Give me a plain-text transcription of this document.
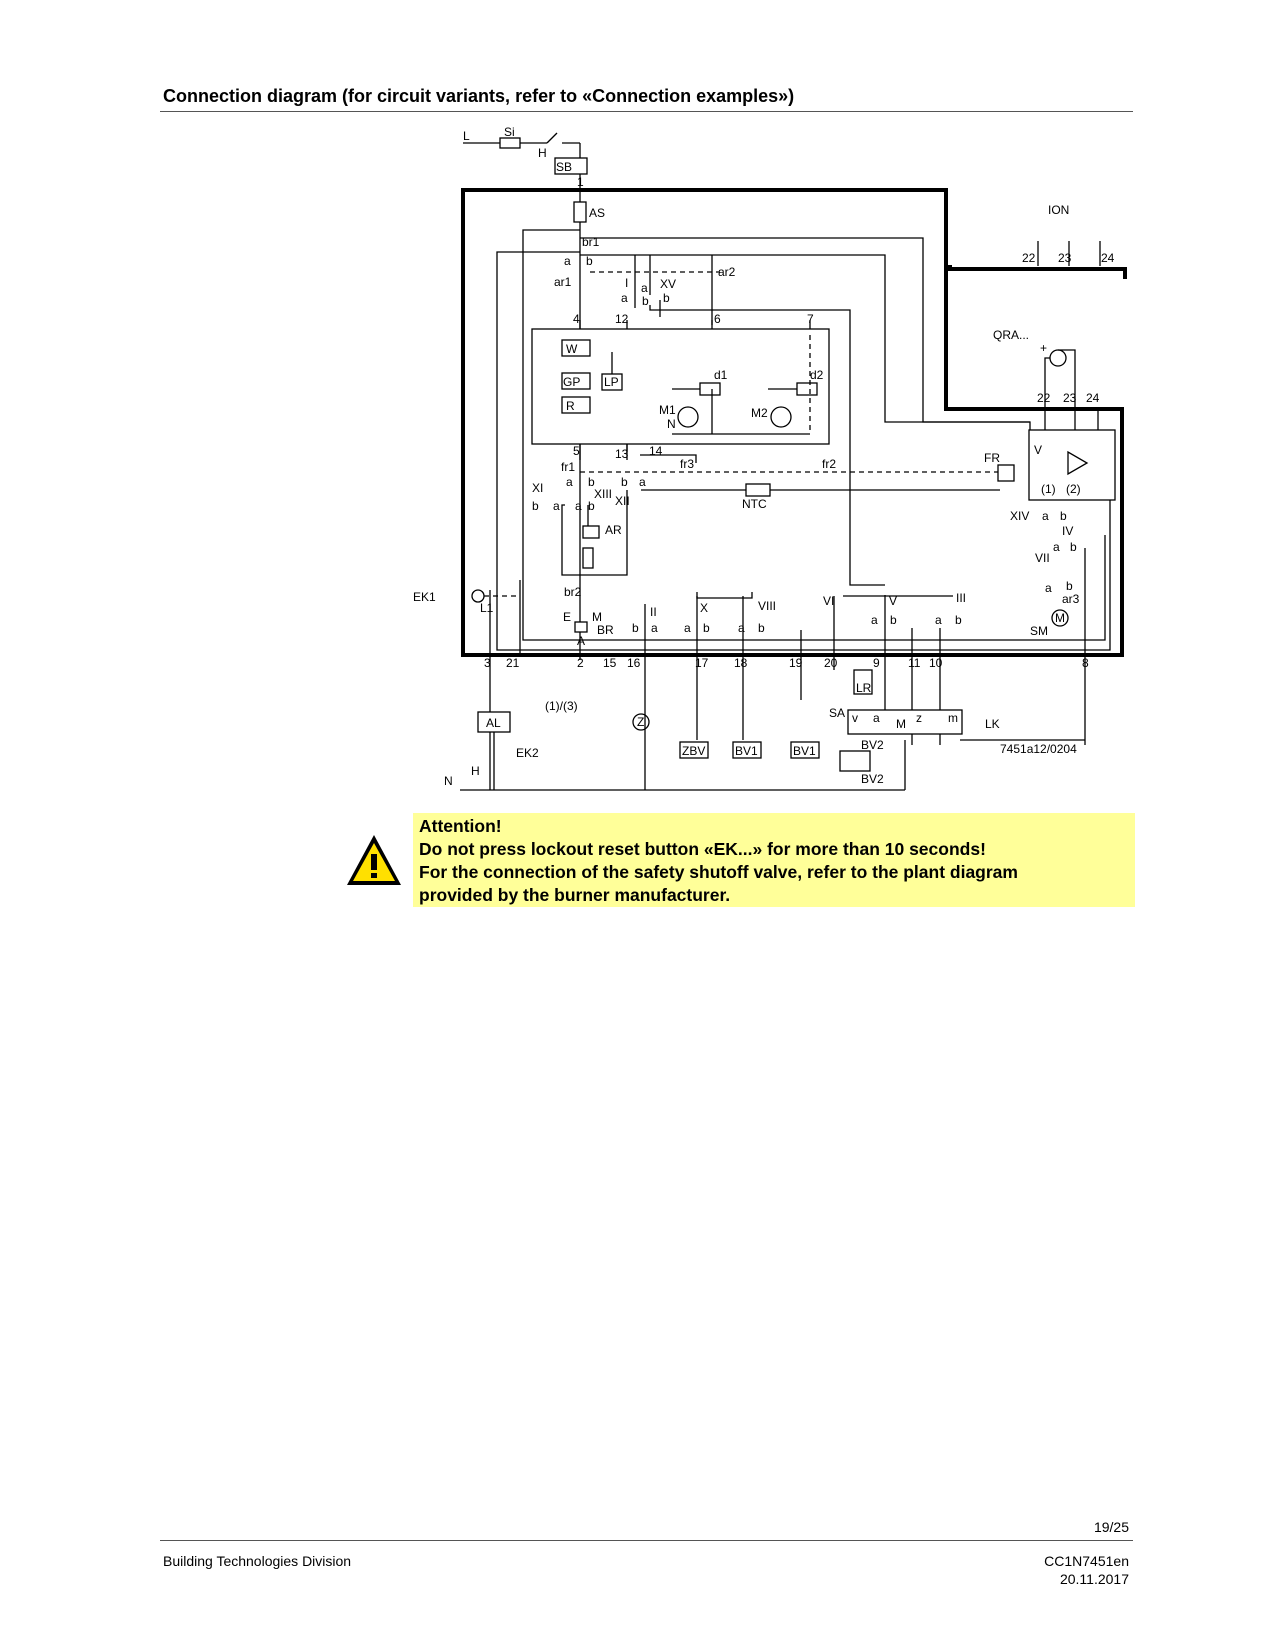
Connection diagram (for circuit variants, refer to «Connection examples»)
L	Si
H
SB
1
AS
br1
a b
ar1
ar2
I a XV
a b b
4	12	6	7
W
GP
R
LP	d1	d2
M1
N
M2
5	13 14
fr1	fr3	fr2
XI a b
XIII
b a a b XII
b a
NTC
AR
EK1
L1
br2
E M
BR
A
II
b a
X
a b
VIII
a b
VI	V	III
a b	a b
3 21	2 15 16	17 18	19 20	9 11 10	8
ION
22 23 24
QRA...
+
22 23 24
FR
V
(1) (2)
XIV a b
IV
VII
a b
a b
ar3
M
SM
AL
(1)/(3)
EK2
N
H
Z
ZBV BV1	BV1
SA
LR
v a M z m LK
BV2
BV2
7451a12/0204
Attention!
Do not press lockout reset button «EK...» for more than 10 seconds!
For the connection of the safety shutoff valve, refer to the plant diagram
provided by the burner manufacturer.
19/25
Building Technologies Division	CC1N7451en
20.11.2017
